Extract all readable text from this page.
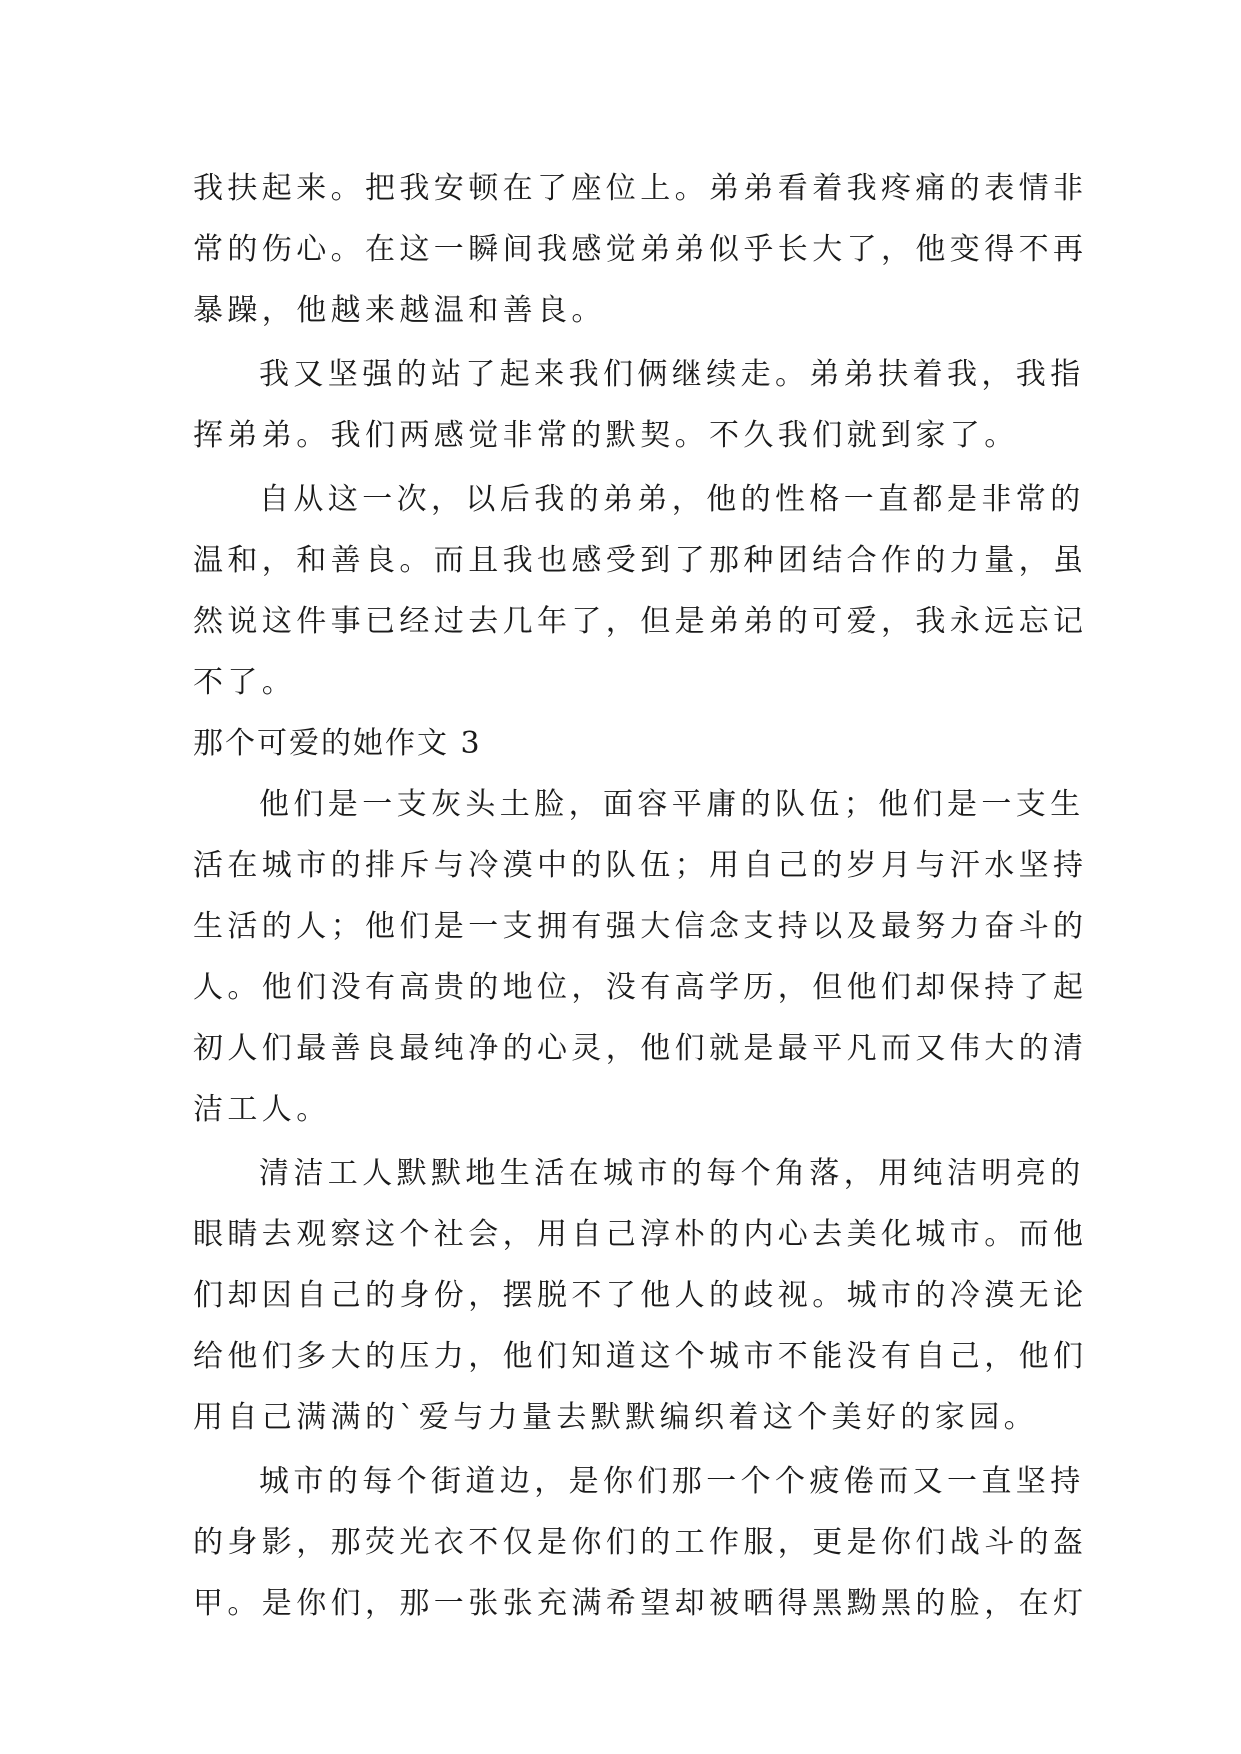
我扶起来。把我安顿在了座位上。弟弟看着我疼痛的表情非
常的伤心。在这一瞬间我感觉弟弟似乎长大了，他变得不再
暴躁，他越来越温和善良。
我又坚强的站了起来我们俩继续走。弟弟扶着我，我指
挥弟弟。我们两感觉非常的默契。不久我们就到家了。
自从这一次，以后我的弟弟，他的性格一直都是非常的
温和，和善良。而且我也感受到了那种团结合作的力量，虽
然说这件事已经过去几年了，但是弟弟的可爱，我永远忘记
不了。
那个可爱的她作文 3
他们是一支灰头土脸，面容平庸的队伍；他们是一支生
活在城市的排斥与冷漠中的队伍；用自己的岁月与汗水坚持
生活的人；他们是一支拥有强大信念支持以及最努力奋斗的
人。他们没有高贵的地位，没有高学历，但他们却保持了起
初人们最善良最纯净的心灵，他们就是最平凡而又伟大的清
洁工人。
清洁工人默默地生活在城市的每个角落，用纯洁明亮的
眼睛去观察这个社会，用自己淳朴的内心去美化城市。而他
们却因自己的身份，摆脱不了他人的歧视。城市的冷漠无论
给他们多大的压力，他们知道这个城市不能没有自己，他们
用自己满满的`爱与力量去默默编织着这个美好的家园。
城市的每个街道边，是你们那一个个疲倦而又一直坚持
的身影，那荧光衣不仅是你们的工作服，更是你们战斗的盔
甲。是你们，那一张张充满希望却被晒得黑黝黑的脸，在灯
